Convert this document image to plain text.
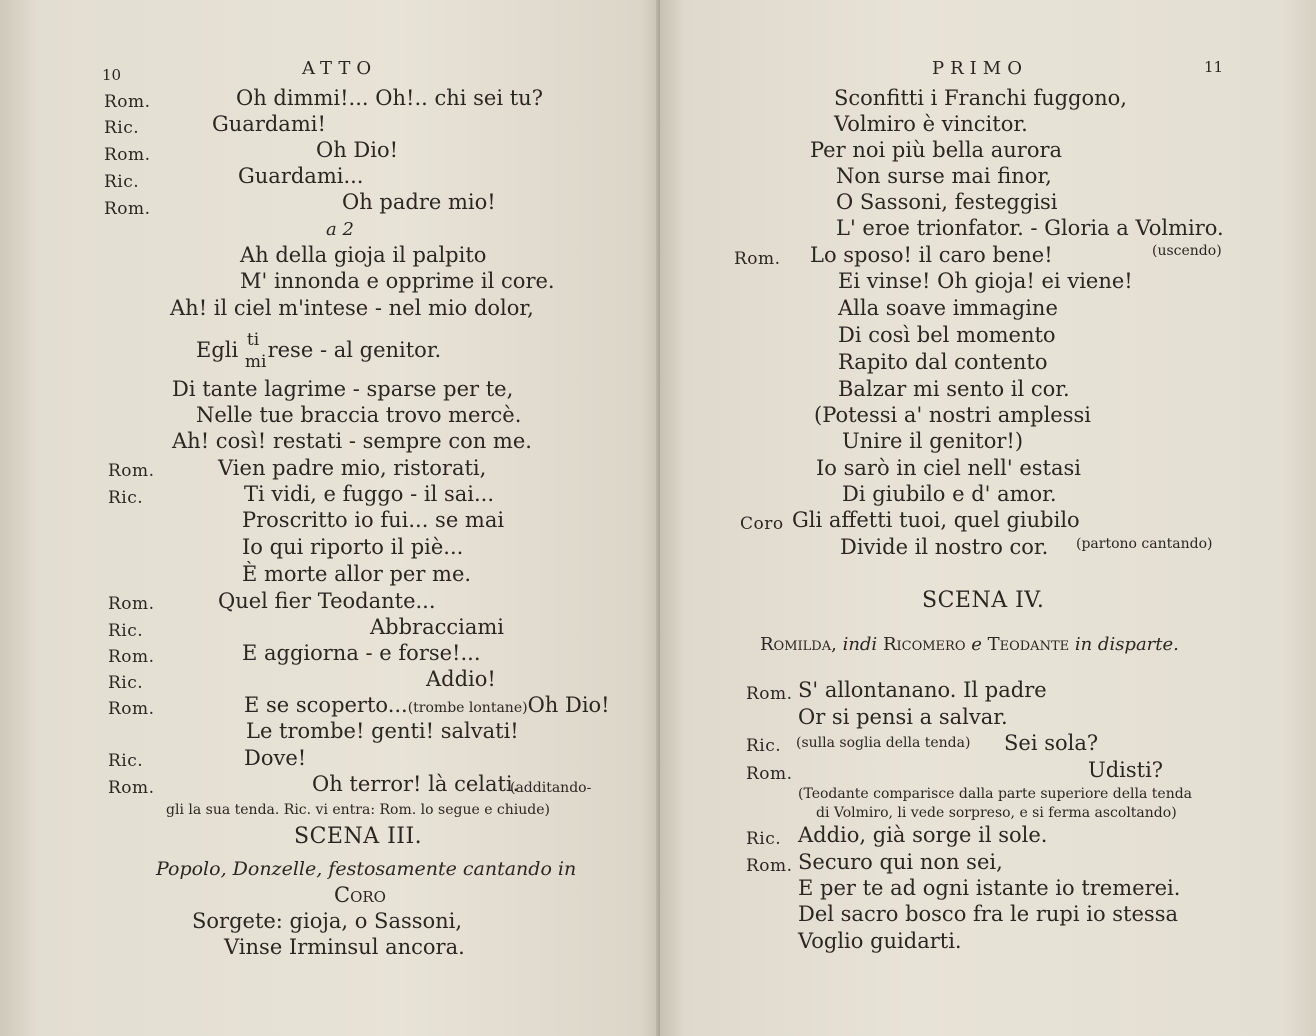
10	ATTO
Rom.	Oh dimmi!... Oh!.. chi sei tu?
Ric.	Guardami!
Rom.	Oh Dio!
Ric.	Guardami...
Rom.	Oh padre mio!
a 2
Ah della gioja il palpito
M' innonda e opprime il core.
Ah! il ciel m'intese - nel mio dolor,
Egli ti
mi rese - al genitor.
Di tante lagrime - sparse per te,
Nelle tue braccia trovo mercè.
Ah! così! restati - sempre con me.
Rom.	Vien padre mio, ristorati,
Ric.	Ti vidi, e fuggo - il sai...
Proscritto io fui... se mai
Io qui riporto il piè...
È morte allor per me.
Rom.	Quel fier Teodante...
Ric.	Abbracciami
Rom.	E aggiorna - e forse!...
Ric.	Addio!
Rom.	E se scoperto...(trombe lontane)Oh Dio!
Le trombe! genti! salvati!
Ric.	Dove!
Rom.	Oh terror! là celati.
(additando-
gli la sua tenda. Ric. vi entra: Rom. lo segue e chiude)
SCENA III.
Popolo, Donzelle, festosamente cantando in
Coro
Sorgete: gioja, o Sassoni,
Vinse Irminsul ancora.
PRIMO	11
Sconfitti i Franchi fuggono,
Volmiro è vincitor.
Per noi più bella aurora
Non surse mai finor,
O Sassoni, festeggisi
L' eroe trionfator. - Gloria a Volmiro.
Rom. Lo sposo! il caro bene!	(uscendo)
Ei vinse! Oh gioja! ei viene!
Alla soave immagine
Di così bel momento
Rapito dal contento
Balzar mi sento il cor.
(Potessi a' nostri amplessi
Unire il genitor!)
Io sarò in ciel nell' estasi
Di giubilo e d' amor.
Coro Gli affetti tuoi, quel giubilo
Divide il nostro cor. (partono cantando)
SCENA IV.
Romilda, indi Ricomero e Teodante in disparte.
Rom. S' allontanano. Il padre
Or si pensi a salvar.
Ric. (sulla soglia della tenda) Sei sola?
Rom.	Udisti?
(Teodante comparisce dalla parte superiore della tenda
di Volmiro, li vede sorpreso, e si ferma ascoltando)
Ric. Addio, già sorge il sole.
Rom. Securo qui non sei,
E per te ad ogni istante io tremerei.
Del sacro bosco fra le rupi io stessa
Voglio guidarti.
